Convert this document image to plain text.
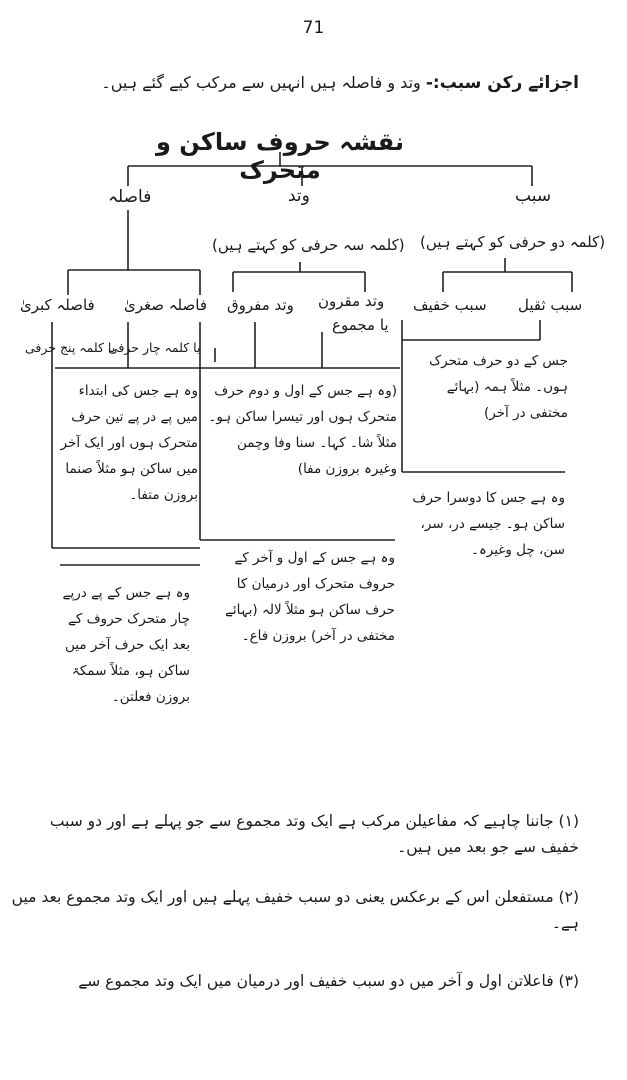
71
اجزائے رکن سبب:- وتد و فاصلہ ہیں انہیں سے مرکب کیے گئے ہیں۔
نقشہ حروف ساکن و متحرک
سبب
وتد
فاصلہ
(کلمہ دو حرفی کو کہتے ہیں)
(کلمہ سہ حرفی کو کہتے ہیں)
سبب ثقیل
سبب خفیف
وتد مقرون
یا مجموع
وتد مفروق
فاصلہ صغریٰ
فاصلہ کبریٰ
یا کلمہ چار حرفی
یا کلمہ پنج حرفی
جس کے دو حرف متحرک ہوں۔ مثلاً ہمہ (بہائے مختفی در آخر)
وہ ہے جس کا دوسرا حرف ساکن ہو۔ جیسے در، سر، سن، چل وغیرہ۔
(وہ ہے جس کے اول و دوم حرف متحرک ہوں اور تیسرا ساکن ہو۔ مثلاً شا۔ کہا۔ سنا وفا وچمن وغیرہ بروزن مفا)
وہ ہے جس کے اول و آخر کے حروف متحرک اور درمیان کا حرف ساکن ہو مثلاً لالہ (بہائے مختفی در آخر) بروزن فاع۔
وہ ہے جس کی ابتداء میں پے در پے تین حرف متحرک ہوں اور ایک آخر میں ساکن ہو مثلاً صنما بروزن متفا۔
وہ ہے جس کے پے درپے چار متحرک حروف کے بعد ایک حرف آخر میں ساکن ہو، مثلاً سمکۃ بروزن فعلتن۔
(۱) جاننا چاہیے کہ مفاعیلن مرکب ہے ایک وتد مجموع سے جو پہلے ہے اور دو سبب خفیف سے جو بعد میں ہیں۔
(۲) مستفعلن اس کے برعکس یعنی دو سبب خفیف پہلے ہیں اور ایک وتد مجموع بعد میں ہے۔
(۳) فاعلاتن اول و آخر میں دو سبب خفیف اور درمیان میں ایک وتد مجموع سے
